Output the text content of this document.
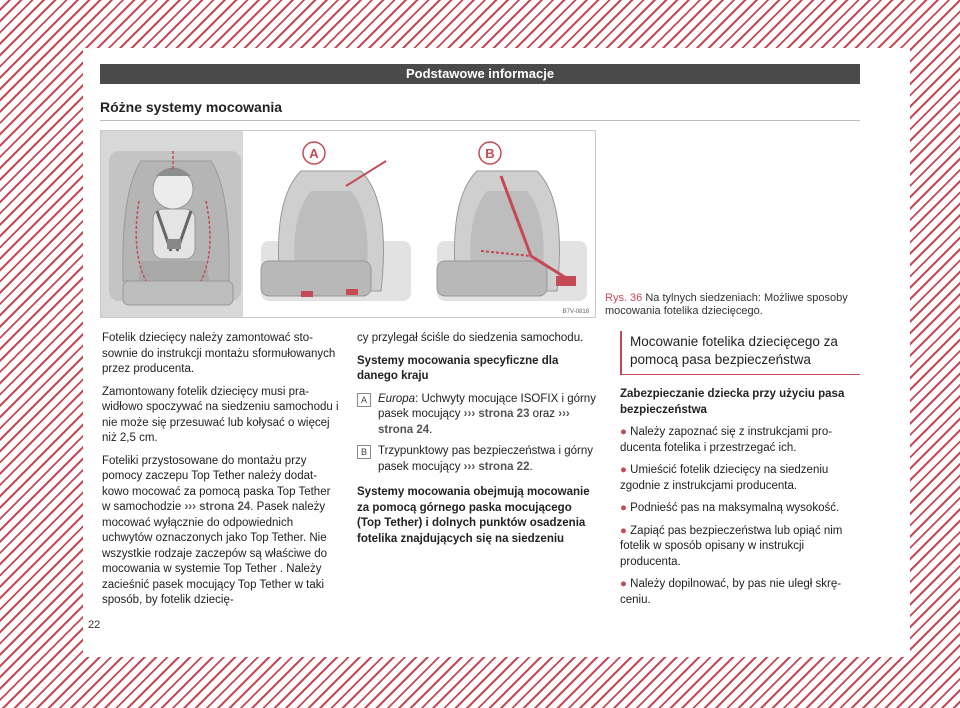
Podstawowe informacje
Różne systemy mocowania
A	B
B7V-0818
Rys. 36 Na tylnych siedzeniach: Możliwe sposoby mocowania fotelika dziecięcego.

Fotelik dziecięcy należy zamontować stosownie do instrukcji montażu sformułowanych przez producenta.

Zamontowany fotelik dziecięcy musi prawidłowo spoczywać na siedzeniu samochodu i nie może się przesuwać lub kołysać o więcej niż 2,5 cm.

Foteliki przystosowane do montażu przy pomocy zaczepu Top Tether należy dodatkowo mocować za pomocą paska Top Tether w samochodzie ››› strona 24. Pasek należy mocować wyłącznie do odpowiednich uchwytów oznaczonych jako Top Tether. Nie wszystkie rodzaje zaczepów są właściwe do mocowania w systemie Top Tether . Należy zacieśnić pasek mocujący Top Tether w taki sposób, by fotelik dziecię-

cy przylegał ściśle do siedzenia samochodu.

Systemy mocowania specyficzne dla danego kraju

A Europa: Uchwyty mocujące ISOFIX i górny pasek mocujący ››› strona 23 oraz ››› strona 24.
B Trzypunktowy pas bezpieczeństwa i górny pasek mocujący ››› strona 22.

Systemy mocowania obejmują mocowanie za pomocą górnego paska mocującego (Top Tether) i dolnych punktów osadzenia fotelika znajdujących się na siedzeniu

Mocowanie fotelika dziecięcego za pomocą pasa bezpieczeństwa

Zabezpieczanie dziecka przy użyciu pasa bezpieczeństwa

● Należy zapoznać się z instrukcjami producenta fotelika i przestrzegać ich.

● Umieścić fotelik dziecięcy na siedzeniu zgodnie z instrukcjami producenta.

● Podnieść pas na maksymalną wysokość.

● Zapiąć pas bezpieczeństwa lub opiąć nim fotelik w sposób opisany w instrukcji producenta.

● Należy dopilnować, by pas nie uległ skręceniu.

22
